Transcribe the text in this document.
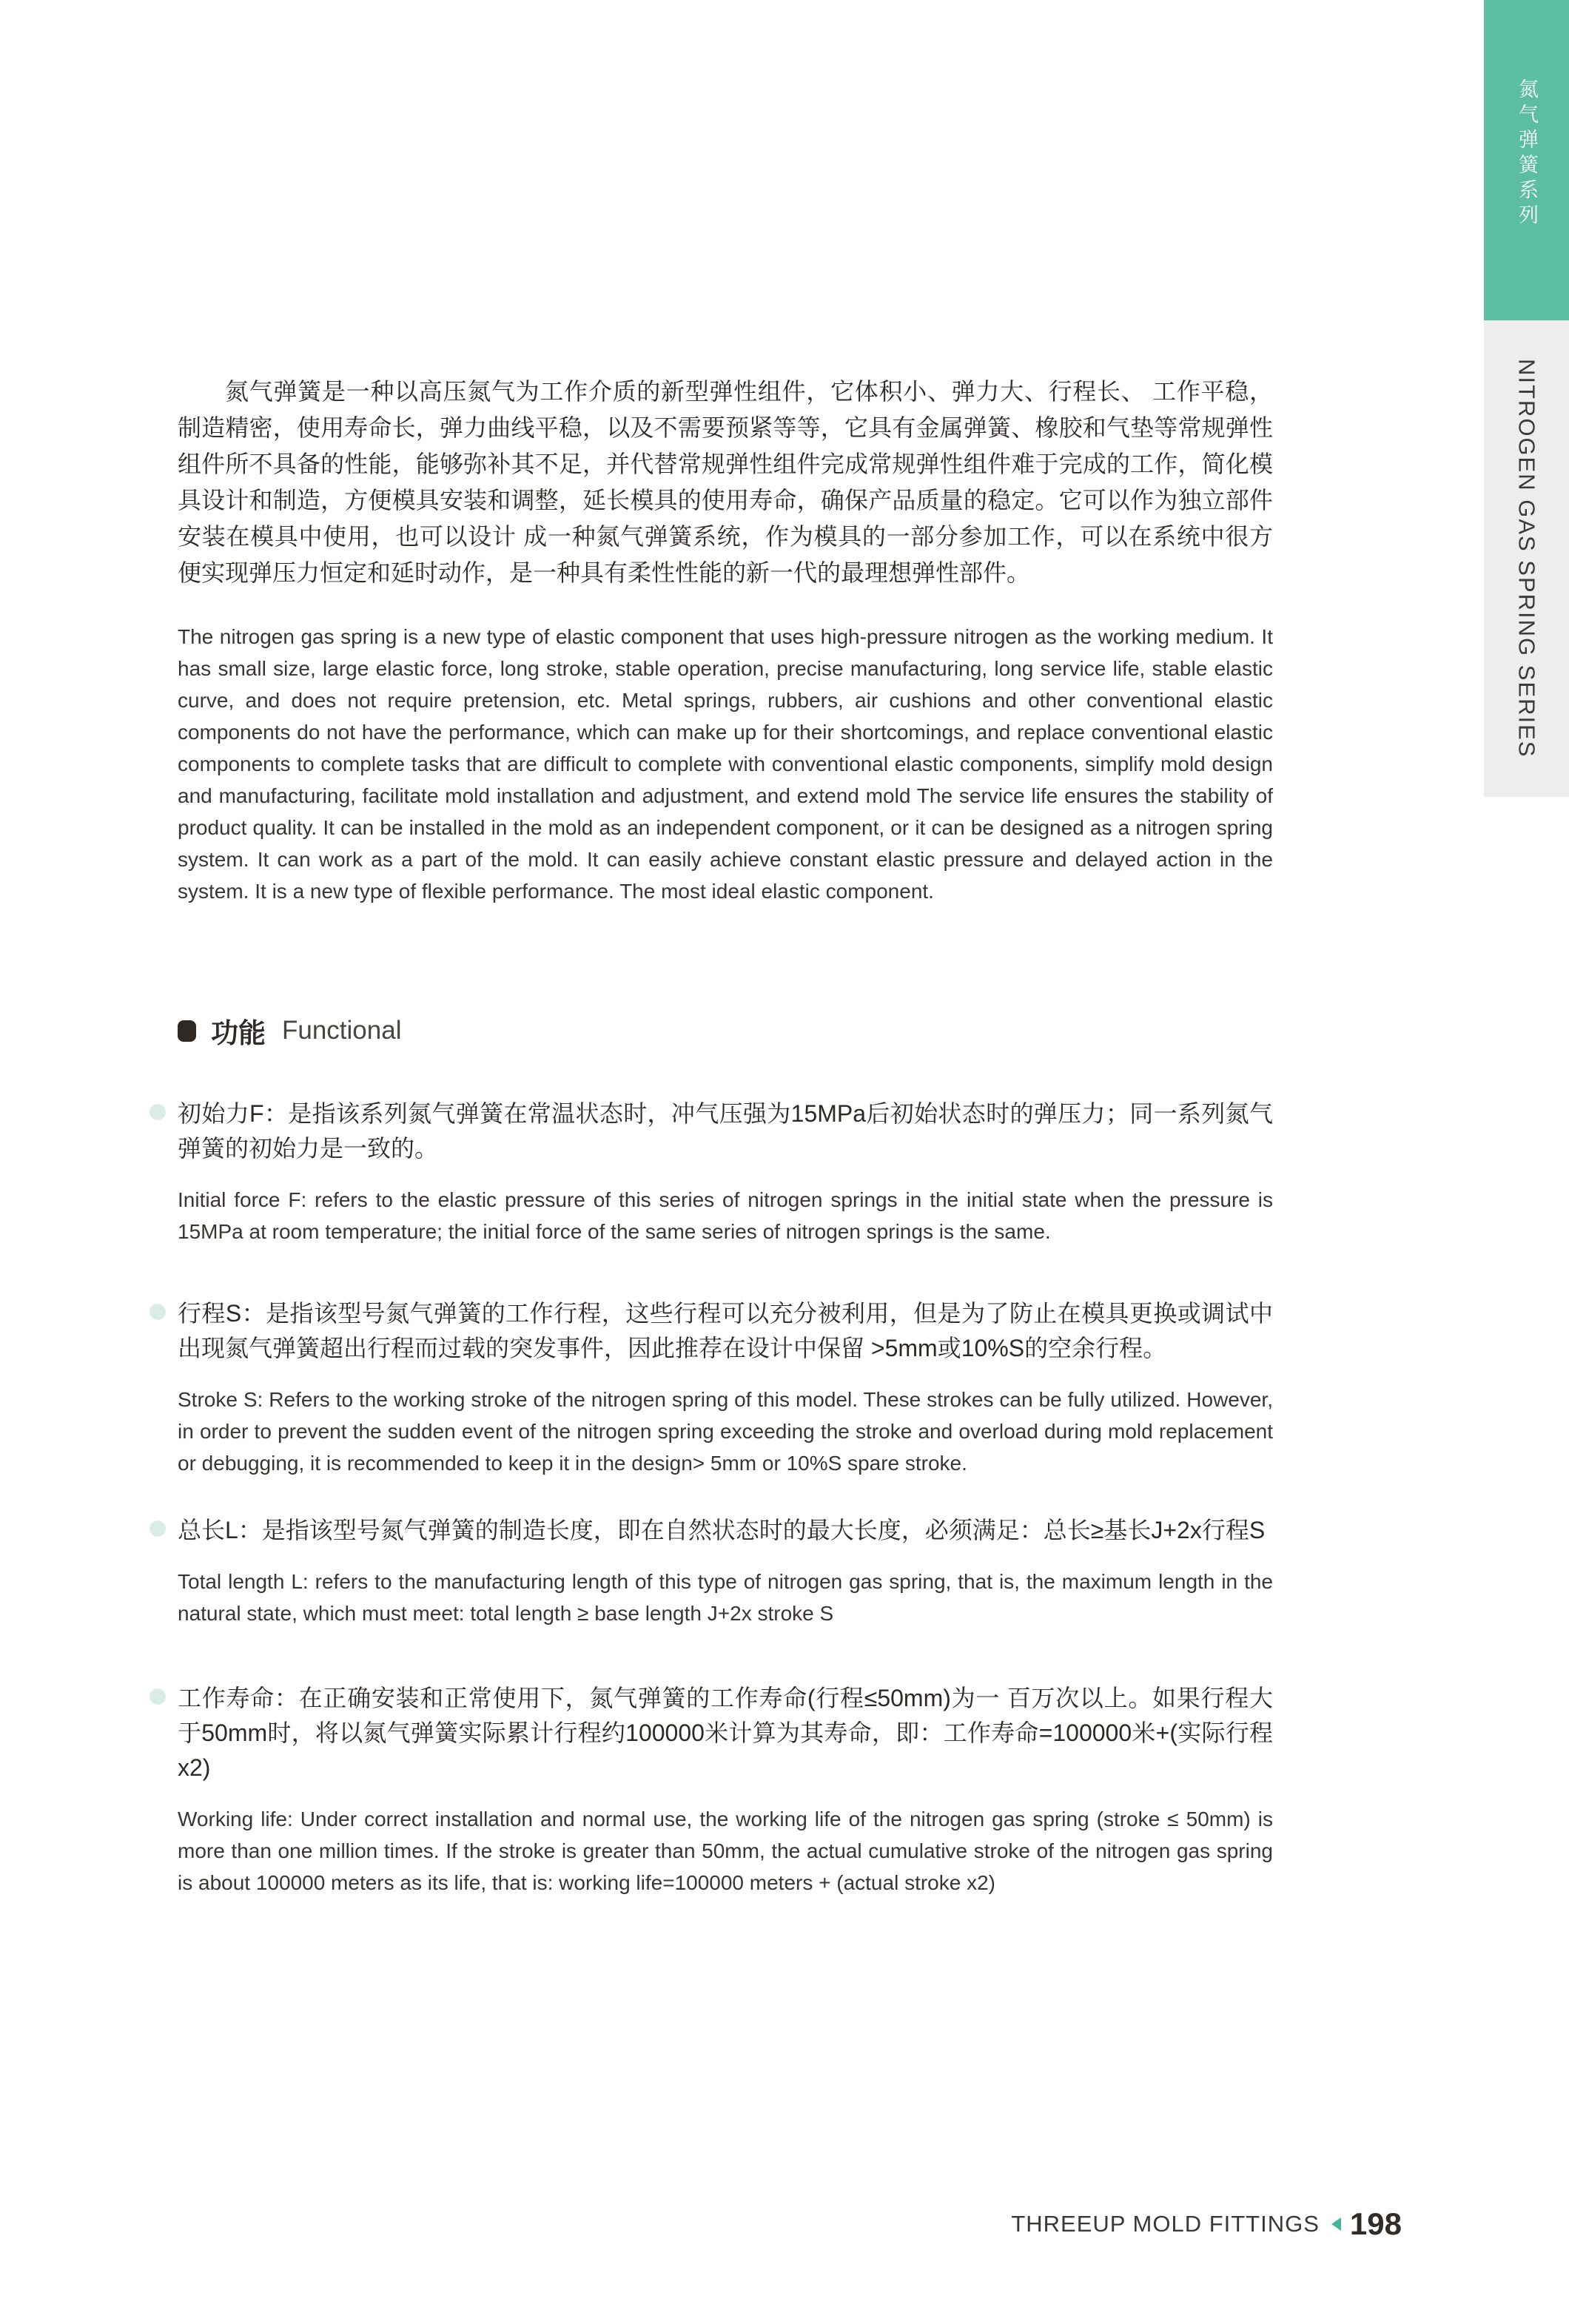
氮气弹簧系列
NITROGEN GAS SPRING SERIES

氮气弹簧是一种以高压氮气为工作介质的新型弹性组件，它体积小、弹力大、行程长、 工作平稳，制造精密，使用寿命长，弹力曲线平稳，以及不需要预紧等等，它具有金属弹簧、橡胶和气垫等常规弹性组件所不具备的性能，能够弥补其不足，并代替常规弹性组件完成常规弹性组件难于完成的工作，简化模具设计和制造，方便模具安装和调整，延长模具的使用寿命，确保产品质量的稳定。它可以作为独立部件安装在模具中使用，也可以设计 成一种氮气弹簧系统，作为模具的一部分参加工作，可以在系统中很方便实现弹压力恒定和延时动作，是一种具有柔性性能的新一代的最理想弹性部件。

The nitrogen gas spring is a new type of elastic component that uses high-pressure nitrogen as the working medium. It has small size, large elastic force, long stroke, stable operation, precise manufacturing, long service life, stable elastic curve, and does not require pretension, etc. Metal springs, rubbers, air cushions and other conventional elastic components do not have the performance, which can make up for their shortcomings, and replace conventional elastic components to complete tasks that are difficult to complete with conventional elastic components, simplify mold design and manufacturing, facilitate mold installation and adjustment, and extend mold The service life ensures the stability of product quality. It can be installed in the mold as an independent component, or it can be designed as a nitrogen spring system. It can work as a part of the mold. It can easily achieve constant elastic pressure and delayed action in the system. It is a new type of flexible performance. The most ideal elastic component.

功能 Functional

初始力F：是指该系列氮气弹簧在常温状态时，冲气压强为15MPa后初始状态时的弹压力；同一系列氮气弹簧的初始力是一致的。

Initial force F: refers to the elastic pressure of this series of nitrogen springs in the initial state when the pressure is 15MPa at room temperature; the initial force of the same series of nitrogen springs is the same.

行程S：是指该型号氮气弹簧的工作行程，这些行程可以充分被利用，但是为了防止在模具更换或调试中出现氮气弹簧超出行程而过载的突发事件，因此推荐在设计中保留 >5mm或10%S的空余行程。

Stroke S: Refers to the working stroke of the nitrogen spring of this model. These strokes can be fully utilized. However, in order to prevent the sudden event of the nitrogen spring exceeding the stroke and overload during mold replacement or debugging, it is recommended to keep it in the design> 5mm or 10%S spare stroke.

总长L：是指该型号氮气弹簧的制造长度，即在自然状态时的最大长度，必须满足：总长≥基长J+2x行程S

Total length L: refers to the manufacturing length of this type of nitrogen gas spring, that is, the maximum length in the natural state, which must meet: total length ≥ base length J+2x stroke S

工作寿命：在正确安装和正常使用下，氮气弹簧的工作寿命(行程≤50mm)为一 百万次以上。如果行程大于50mm时，将以氮气弹簧实际累计行程约100000米计算为其寿命，即：工作寿命=100000米+(实际行程x2)

Working life: Under correct installation and normal use, the working life of the nitrogen gas spring (stroke ≤ 50mm) is more than one million times. If the stroke is greater than 50mm, the actual cumulative stroke of the nitrogen gas spring is about 100000 meters as its life, that is: working life=100000 meters + (actual stroke x2)

THREEUP MOLD FITTINGS 198
